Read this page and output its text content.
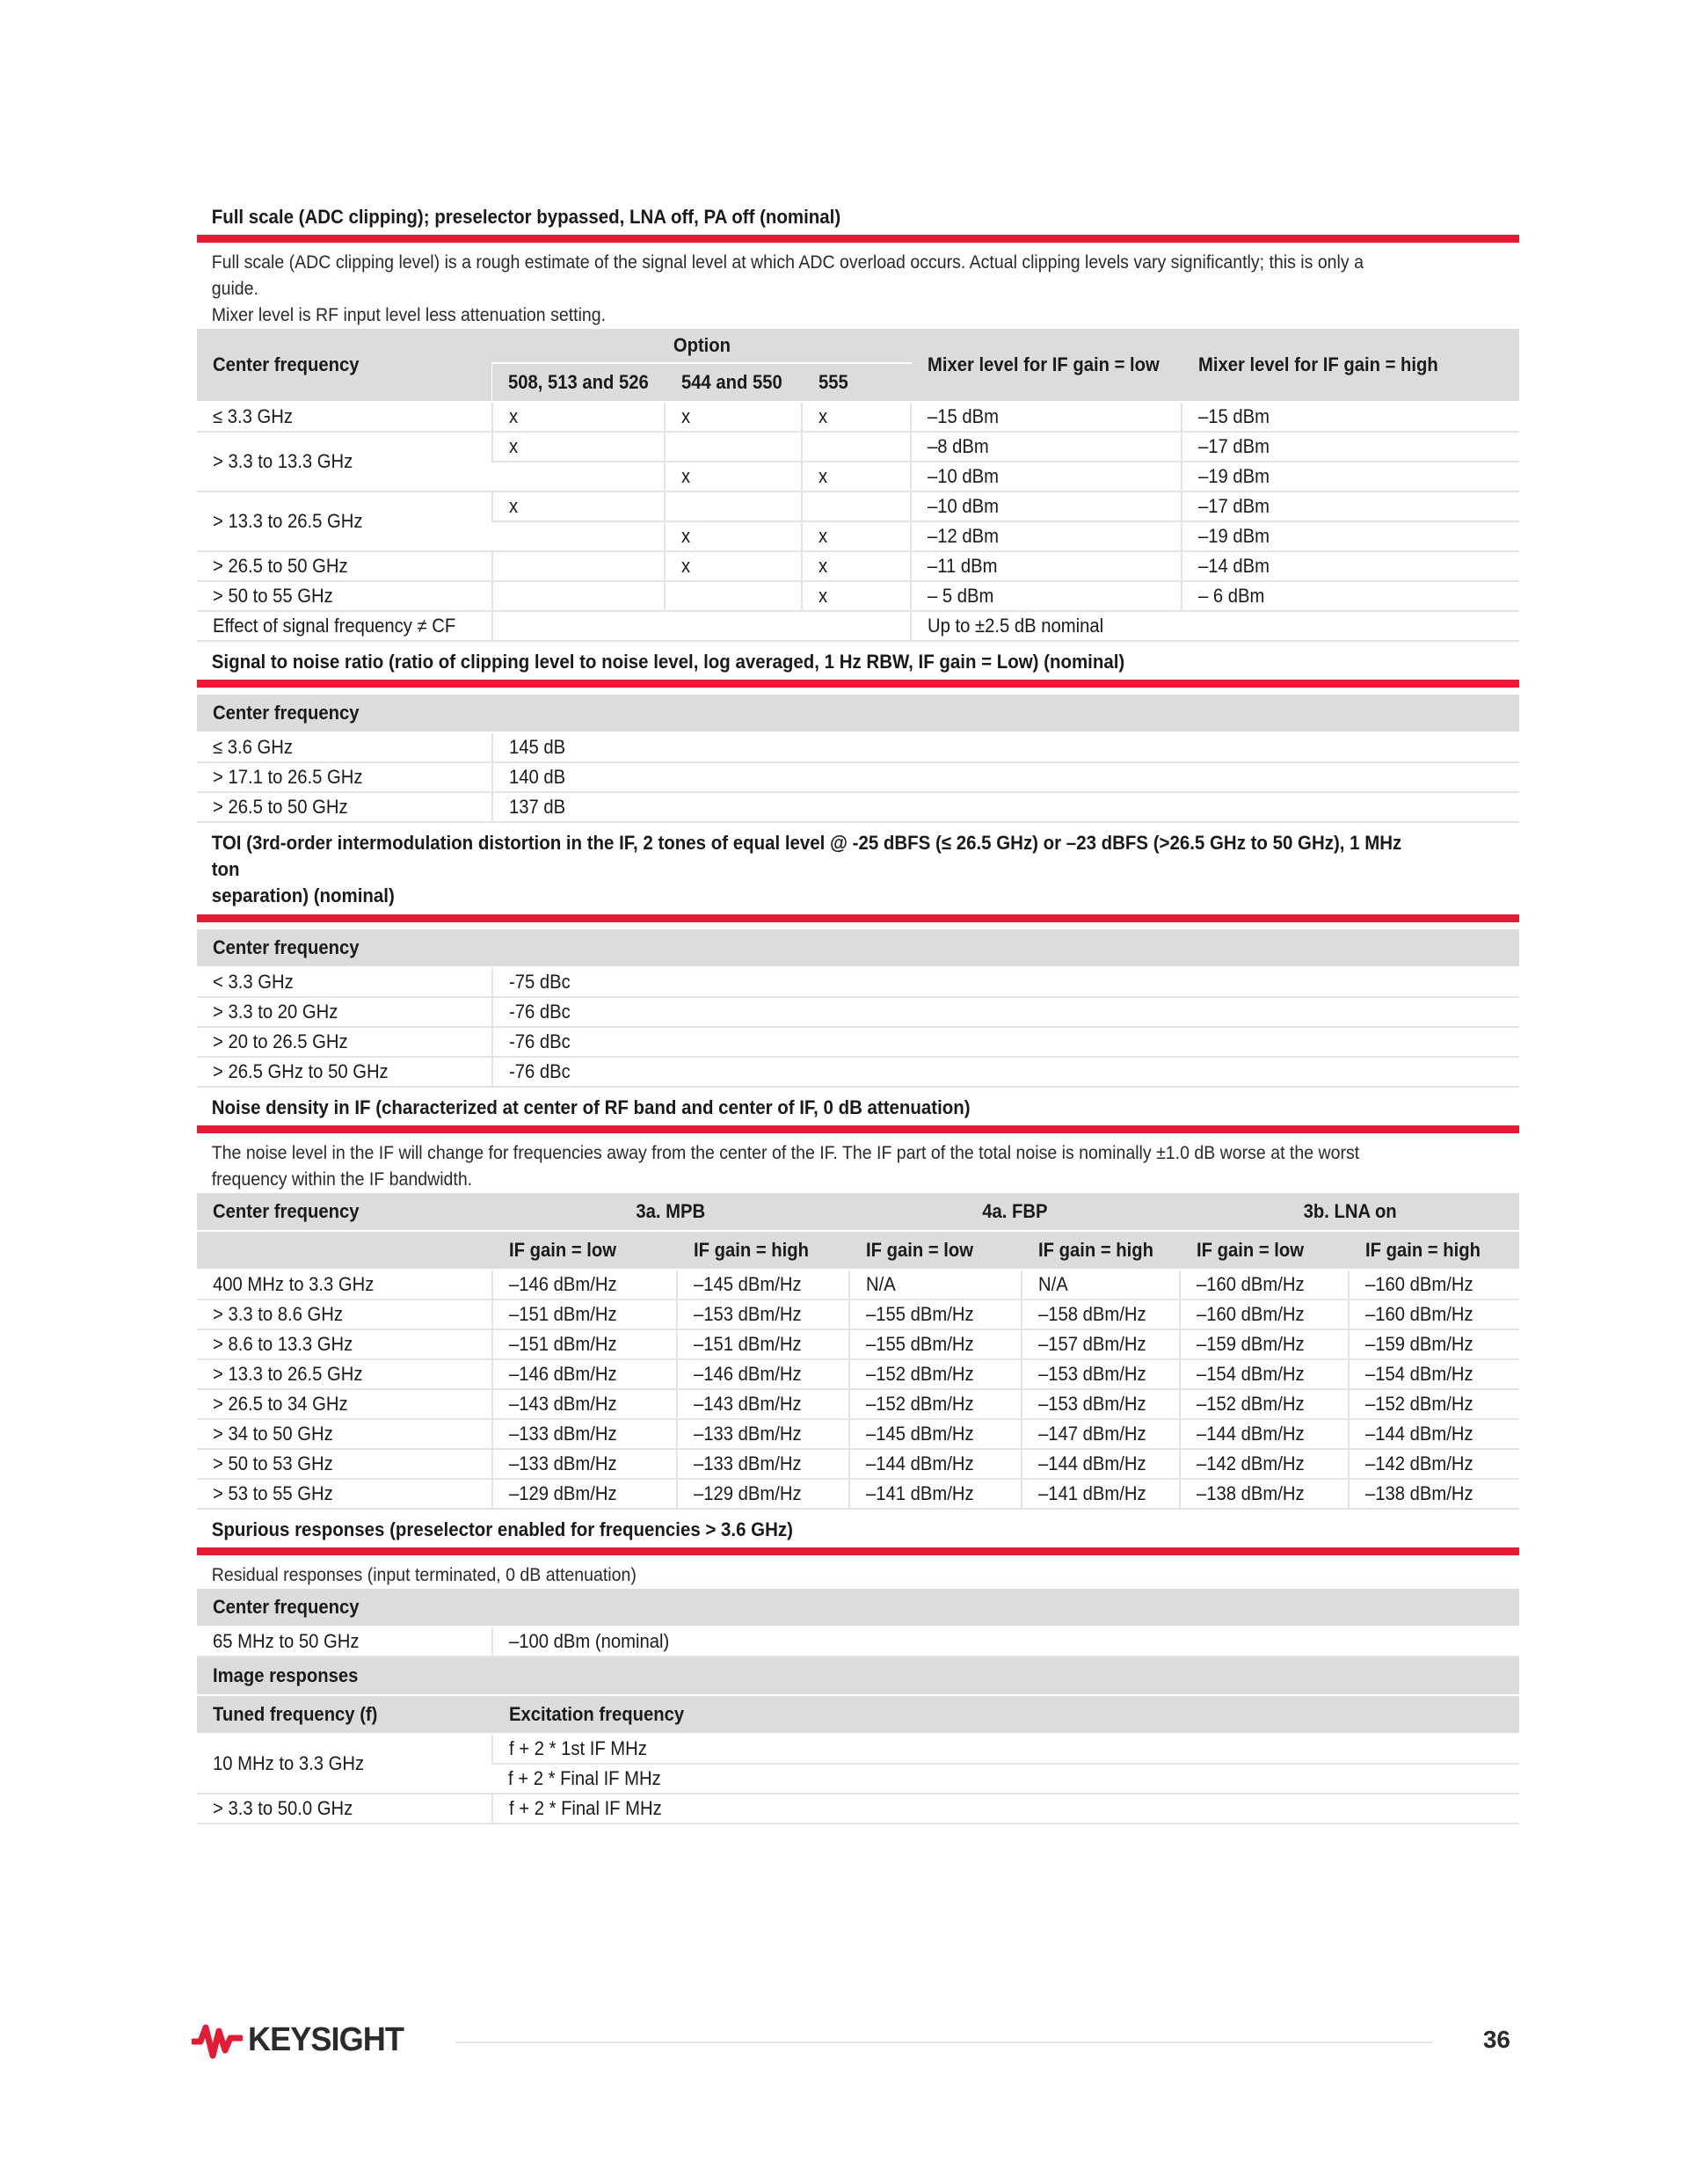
Full scale (ADC clipping); preselector bypassed, LNA off, PA off (nominal)
Full scale (ADC clipping level) is a rough estimate of the signal level at which ADC overload occurs. Actual clipping levels vary significantly; this is only a guide.
Mixer level is RF input level less attenuation setting.
Center frequency	Option			Mixer level for IF gain = low	Mixer level for IF gain = high
	508, 513 and 526	544 and 550	555		
≤ 3.3 GHz	x	x	x	–15 dBm	–15 dBm
> 3.3 to 13.3 GHz	x			–8 dBm	–17 dBm
		x	x	–10 dBm	–19 dBm
> 13.3 to 26.5 GHz	x			–10 dBm	–17 dBm
		x	x	–12 dBm	–19 dBm
> 26.5 to 50 GHz		x	x	–11 dBm	–14 dBm
> 50 to 55 GHz			x	– 5 dBm	– 6 dBm
Effect of signal frequency ≠ CF				Up to ±2.5 dB nominal	
Signal to noise ratio (ratio of clipping level to noise level, log averaged, 1 Hz RBW, IF gain = Low) (nominal)
Center frequency	
≤ 3.6 GHz	145 dB
> 17.1 to 26.5 GHz	140 dB
> 26.5 to 50 GHz	137 dB
TOI (3rd-order intermodulation distortion in the IF, 2 tones of equal level @ -25 dBFS (≤ 26.5 GHz) or –23 dBFS (>26.5 GHz to 50 GHz), 1 MHz ton
separation) (nominal)
Center frequency	
< 3.3 GHz	-75 dBc
> 3.3 to 20 GHz	-76 dBc
> 20 to 26.5 GHz	-76 dBc
> 26.5 GHz to 50 GHz	-76 dBc
Noise density in IF (characterized at center of RF band and center of IF, 0 dB attenuation)
The noise level in the IF will change for frequencies away from the center of the IF. The IF part of the total noise is nominally ±1.0 dB worse at the worst
frequency within the IF bandwidth.
Center frequency	3a. MPB		4a. FBP		3b. LNA on	
	IF gain = low	IF gain = high	IF gain = low	IF gain = high	IF gain = low	IF gain = high
400 MHz to 3.3 GHz	–146 dBm/Hz	–145 dBm/Hz	N/A	N/A	–160 dBm/Hz	–160 dBm/Hz
> 3.3 to 8.6 GHz	–151 dBm/Hz	–153 dBm/Hz	–155 dBm/Hz	–158 dBm/Hz	–160 dBm/Hz	–160 dBm/Hz
> 8.6 to 13.3 GHz	–151 dBm/Hz	–151 dBm/Hz	–155 dBm/Hz	–157 dBm/Hz	–159 dBm/Hz	–159 dBm/Hz
> 13.3 to 26.5 GHz	–146 dBm/Hz	–146 dBm/Hz	–152 dBm/Hz	–153 dBm/Hz	–154 dBm/Hz	–154 dBm/Hz
> 26.5 to 34 GHz	–143 dBm/Hz	–143 dBm/Hz	–152 dBm/Hz	–153 dBm/Hz	–152 dBm/Hz	–152 dBm/Hz
> 34 to 50 GHz	–133 dBm/Hz	–133 dBm/Hz	–145 dBm/Hz	–147 dBm/Hz	–144 dBm/Hz	–144 dBm/Hz
> 50 to 53 GHz	–133 dBm/Hz	–133 dBm/Hz	–144 dBm/Hz	–144 dBm/Hz	–142 dBm/Hz	–142 dBm/Hz
> 53 to 55 GHz	–129 dBm/Hz	–129 dBm/Hz	–141 dBm/Hz	–141 dBm/Hz	–138 dBm/Hz	–138 dBm/Hz
Spurious responses (preselector enabled for frequencies > 3.6 GHz)
Residual responses (input terminated, 0 dB attenuation)
Center frequency	
65 MHz to 50 GHz	–100 dBm (nominal)
Image responses	
Tuned frequency (f)	Excitation frequency
10 MHz to 3.3 GHz	f + 2 * 1st IF MHz
	f + 2 * Final IF MHz
> 3.3 to 50.0 GHz	f + 2 * Final IF MHz
KEYSIGHT	36
